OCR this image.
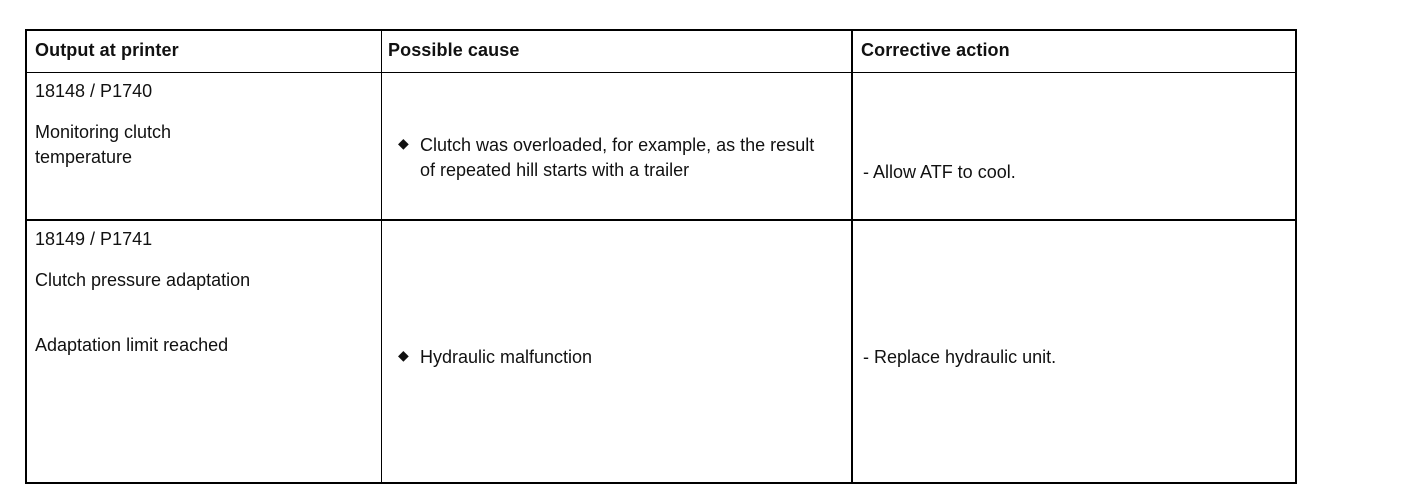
Output at printer	Possible cause	Corrective action
18148 / P1740
Monitoring clutch temperature
◆ Clutch was overloaded, for example, as the result of repeated hill starts with a trailer	- Allow ATF to cool.
18149 / P1741
Clutch pressure adaptation
Adaptation limit reached	◆ Hydraulic malfunction	- Replace hydraulic unit.
